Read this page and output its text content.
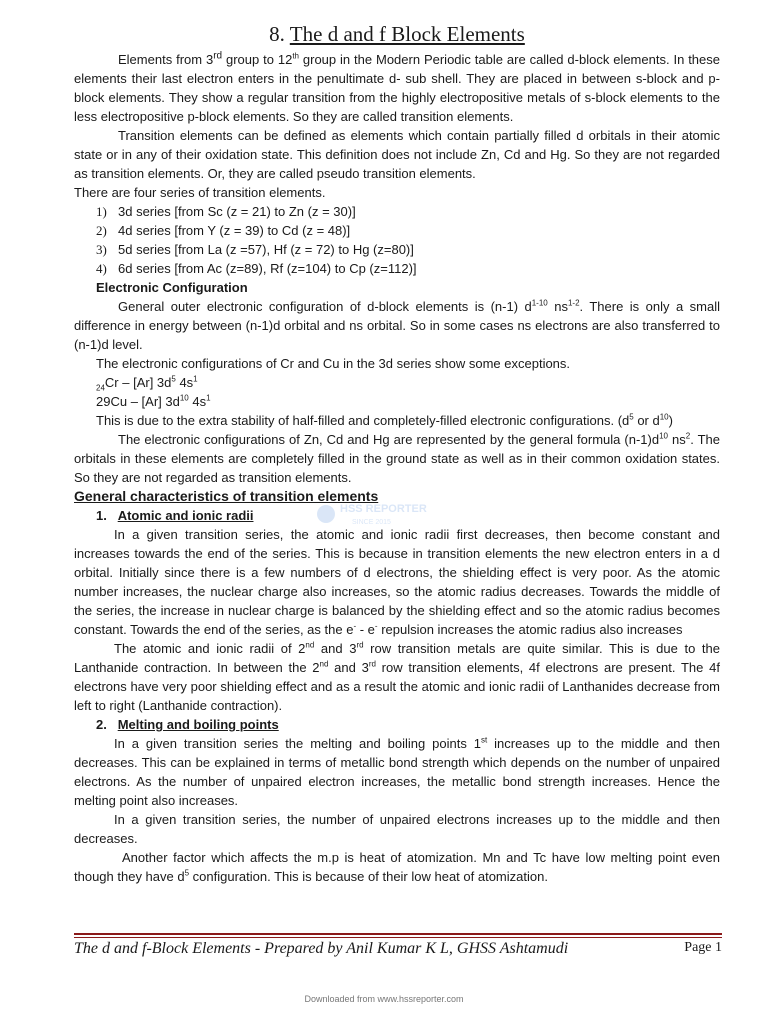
8. The d and f Block Elements

Elements from 3rd group to 12th group in the Modern Periodic table are called d-block elements. In these elements their last electron enters in the penultimate d- sub shell. They are placed in between s-block and p-block elements. They show a regular transition from the highly electropositive metals of s-block elements to the less electropositive p-block elements. So they are called transition elements.

Transition elements can be defined as elements which contain partially filled d orbitals in their atomic state or in any of their oxidation state. This definition does not include Zn, Cd and Hg. So they are not regarded as transition elements. Or, they are called pseudo transition elements.

There are four series of transition elements.

1) 3d series [from Sc (z = 21) to Zn (z = 30)]
2) 4d series [from Y (z = 39) to Cd (z = 48)]
3) 5d series [from La (z =57), Hf (z = 72) to Hg (z=80)]
4) 6d series [from Ac (z=89), Rf (z=104) to Cp (z=112)]

Electronic Configuration

General outer electronic configuration of d-block elements is (n-1) $d^{1-10}$ $ns^{1-2}$. There is only a small difference in energy between (n-1)d orbital and ns orbital. So in some cases ns electrons are also transferred to (n-1)d level.

The electronic configurations of Cr and Cu in the 3d series show some exceptions.

$_{24}$Cr – [Ar] $3d^5$ $4s^1$

29Cu – [Ar] $3d^{10}$ $4s^1$

This is due to the extra stability of half-filled and completely-filled electronic configurations. ($d^5$ or $d^{10}$)

The electronic configurations of Zn, Cd and Hg are represented by the general formula $(n-1)d^{10}$ $ns^2$. The orbitals in these elements are completely filled in the ground state as well as in their common oxidation states. So they are not regarded as transition elements.

General characteristics of transition elements

1. Atomic and ionic radii

In a given transition series, the atomic and ionic radii first decreases, then become constant and increases towards the end of the series. This is because in transition elements the new electron enters in a d orbital. Initially since there is a few numbers of d electrons, the shielding effect is very poor. As the atomic number increases, the nuclear charge also increases, so the atomic radius decreases. Towards the middle of the series, the increase in nuclear charge is balanced by the shielding effect and so the atomic radius becomes constant. Towards the end of the series, as the e- - e- repulsion increases the atomic radius also increases

The atomic and ionic radii of 2nd and 3rd row transition metals are quite similar. This is due to the Lanthanide contraction. In between the 2nd and 3rd row transition elements, 4f electrons are present. The 4f electrons have very poor shielding effect and as a result the atomic and ionic radii of Lanthanides decrease from left to right (Lanthanide contraction).

2. Melting and boiling points

In a given transition series the melting and boiling points 1st increases up to the middle and then decreases. This can be explained in terms of metallic bond strength which depends on the number of unpaired electrons. As the number of unpaired electron increases, the metallic bond strength increases. Hence the melting point also increases.

In a given transition series, the number of unpaired electrons increases up to the middle and then decreases.

Another factor which affects the m.p is heat of atomization. Mn and Tc have low melting point even though they have $d^5$ configuration. This is because of their low heat of atomization.

HSS REPORTER
SINCE 2015
The d and f-Block Elements - Prepared by Anil Kumar K L, GHSS Ashtamudi	Page 1
Downloaded from www.hssreporter.com
